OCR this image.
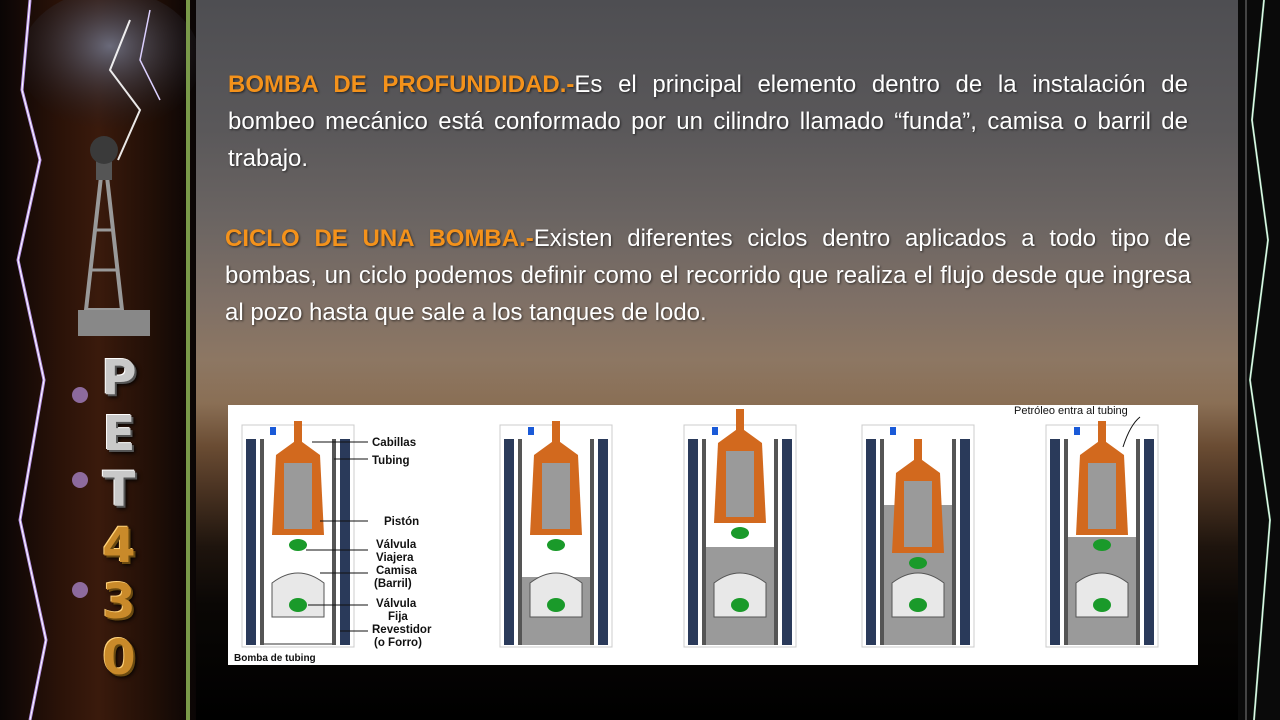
P
E
T
4
3
0

BOMBA DE PROFUNDIDAD.-Es el principal elemento dentro de la instalación de bombeo mecánico está conformado por un cilindro llamado “funda”, camisa o barril de trabajo.

CICLO DE UNA BOMBA.-Existen diferentes ciclos dentro aplicados a todo tipo de bombas, un ciclo podemos definir como el recorrido que realiza el flujo desde que ingresa al pozo hasta que sale a los tanques de lodo.

Cabillas
Tubing
Pistón
Válvula
Viajera
Camisa
(Barril)
Válvula
Fija
Revestidor
(o Forro)
Bomba de tubing
Petróleo entra al tubing
